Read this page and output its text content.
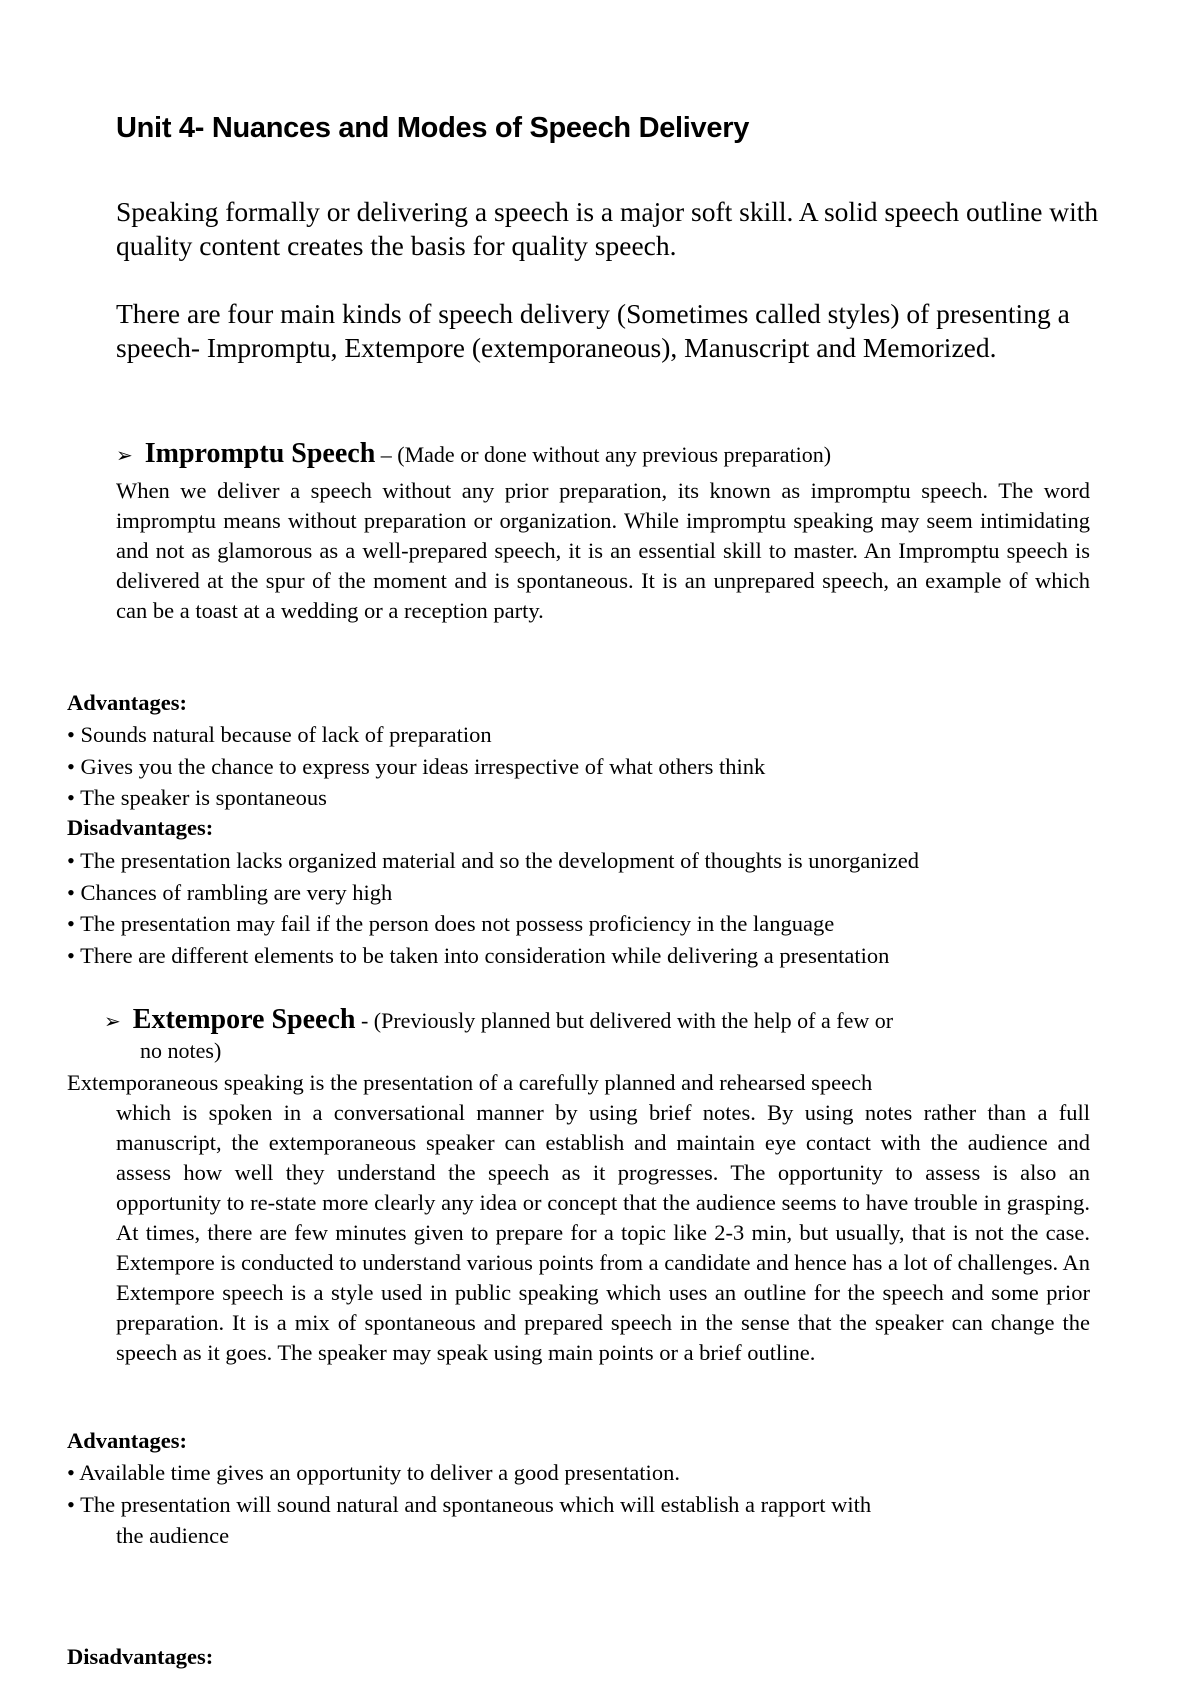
Unit 4- Nuances and Modes of Speech Delivery

Speaking formally or delivering a speech is a major soft skill. A solid speech outline with quality content creates the basis for quality speech.

There are four main kinds of speech delivery (Sometimes called styles) of presenting a speech- Impromptu, Extempore (extemporaneous), Manuscript and Memorized.

➢ Impromptu Speech – (Made or done without any previous preparation)

When we deliver a speech without any prior preparation, its known as impromptu speech. The word impromptu means without preparation or organization. While impromptu speaking may seem intimidating and not as glamorous as a well-prepared speech, it is an essential skill to master. An Impromptu speech is delivered at the spur of the moment and is spontaneous. It is an unprepared speech, an example of which can be a toast at a wedding or a reception party.

Advantages:
• Sounds natural because of lack of preparation
• Gives you the chance to express your ideas irrespective of what others think
• The speaker is spontaneous
Disadvantages:
• The presentation lacks organized material and so the development of thoughts is unorganized
• Chances of rambling are very high
• The presentation may fail if the person does not possess proficiency in the language
• There are different elements to be taken into consideration while delivering a presentation
➢ Extempore Speech - (Previously planned but delivered with the help of a few or
no notes)

Extemporaneous speaking is the presentation of a carefully planned and rehearsed speech

which is spoken in a conversational manner by using brief notes. By using notes rather than a full manuscript, the extemporaneous speaker can establish and maintain eye contact with the audience and assess how well they understand the speech as it progresses. The opportunity to assess is also an opportunity to re-state more clearly any idea or concept that the audience seems to have trouble in grasping. At times, there are few minutes given to prepare for a topic like 2-3 min, but usually, that is not the case. Extempore is conducted to understand various points from a candidate and hence has a lot of challenges. An Extempore speech is a style used in public speaking which uses an outline for the speech and some prior preparation. It is a mix of spontaneous and prepared speech in the sense that the speaker can change the speech as it goes. The speaker may speak using main points or a brief outline.

Advantages:
• Available time gives an opportunity to deliver a good presentation.
• The presentation will sound natural and spontaneous which will establish a rapport with
the audience
Disadvantages:
